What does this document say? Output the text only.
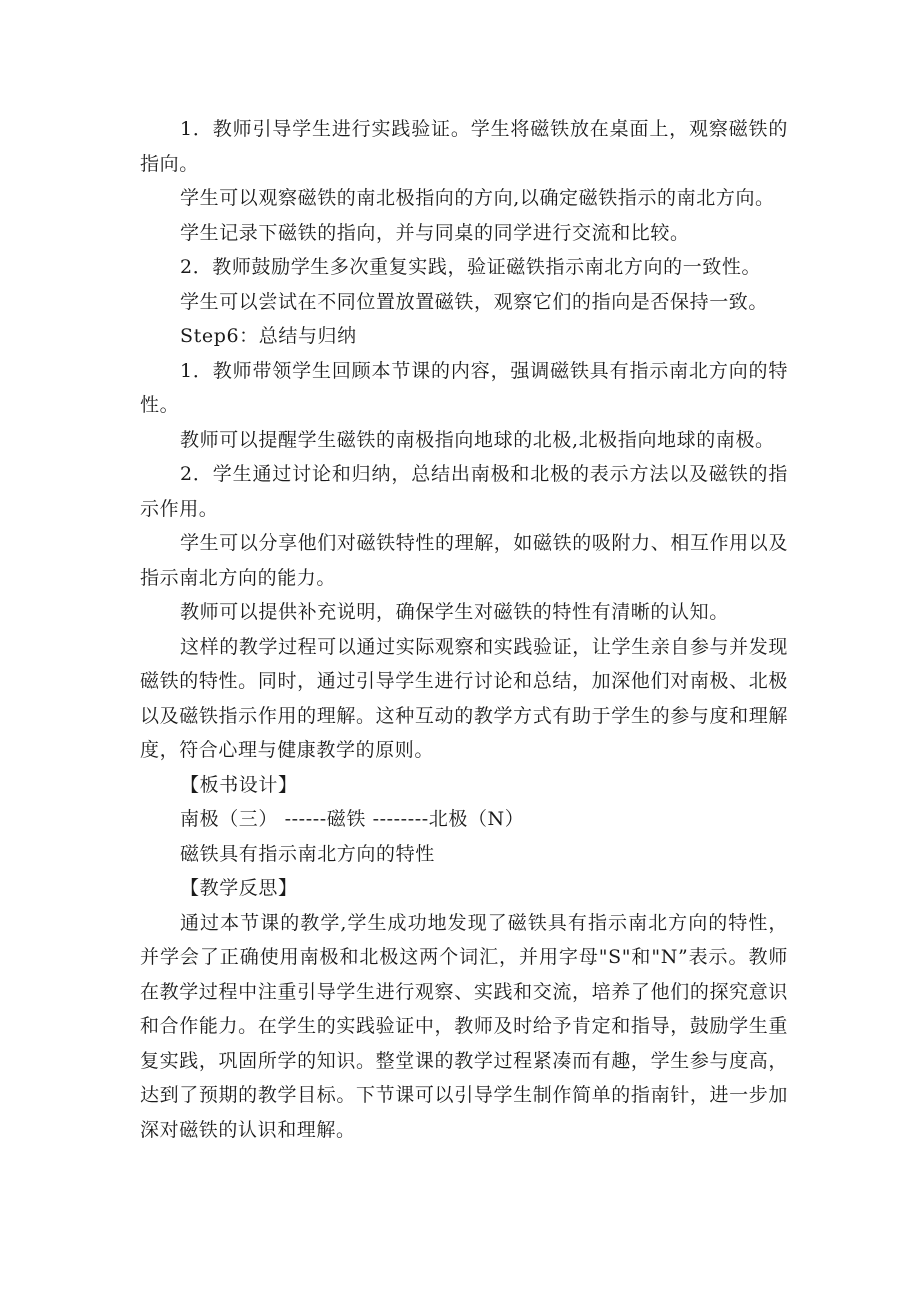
1．教师引导学生进行实践验证。学生将磁铁放在桌面上，观察磁铁的指向。

学生可以观察磁铁的南北极指向的方向,以确定磁铁指示的南北方向。

学生记录下磁铁的指向，并与同桌的同学进行交流和比较。

2．教师鼓励学生多次重复实践，验证磁铁指示南北方向的一致性。

学生可以尝试在不同位置放置磁铁，观察它们的指向是否保持一致。

Step6：总结与归纳

1．教师带领学生回顾本节课的内容，强调磁铁具有指示南北方向的特性。

教师可以提醒学生磁铁的南极指向地球的北极,北极指向地球的南极。

2．学生通过讨论和归纳，总结出南极和北极的表示方法以及磁铁的指示作用。

学生可以分享他们对磁铁特性的理解，如磁铁的吸附力、相互作用以及指示南北方向的能力。

教师可以提供补充说明，确保学生对磁铁的特性有清晰的认知。

这样的教学过程可以通过实际观察和实践验证，让学生亲自参与并发现磁铁的特性。同时，通过引导学生进行讨论和总结，加深他们对南极、北极以及磁铁指示作用的理解。这种互动的教学方式有助于学生的参与度和理解度，符合心理与健康教学的原则。

【板书设计】

南极（三） ------磁铁 --------北极（N）

磁铁具有指示南北方向的特性

【教学反思】

通过本节课的教学,学生成功地发现了磁铁具有指示南北方向的特性，并学会了正确使用南极和北极这两个词汇，并用字母"S"和"N”表示。教师在教学过程中注重引导学生进行观察、实践和交流，培养了他们的探究意识和合作能力。在学生的实践验证中，教师及时给予肯定和指导，鼓励学生重复实践，巩固所学的知识。整堂课的教学过程紧凑而有趣，学生参与度高，达到了预期的教学目标。下节课可以引导学生制作简单的指南针，进一步加深对磁铁的认识和理解。
